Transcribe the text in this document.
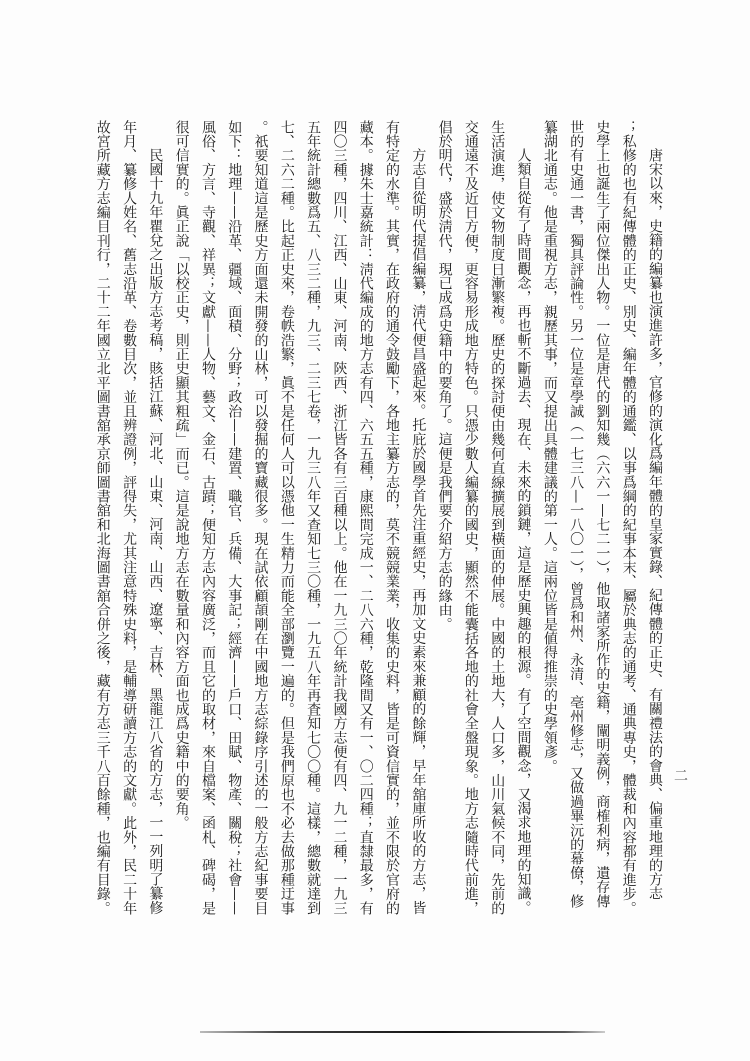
二
唐宋以來，史籍的編纂也演進許多，官修的演化爲編年體的皇家實錄、紀傳體的正史、有關禮法的會典、偏重地理的方志
；私修的也有紀傳體的正史、別史、編年體的通鑑、以事爲綱的紀事本末、屬於典志的通考、通典專史，體裁和內容都有進步。
史學上也誕生了兩位傑出人物。一位是唐代的劉知幾（六六一—七二一），他取諸家所作的史籍，闡明義例，商榷利病，遺存傳
世的有史通一書，獨具評論性。另一位是章學誠（一七三八—一八〇一），曾爲和州、永清、亳州修志，又做過畢沅的幕僚，修
纂湖北通志。他是重視方志，親歷其事，而又提出具體建議的第一人。這兩位皆是値得推崇的史學領彥。
人類自從有了時間觀念，再也斬不斷過去、現在、未來的鎖鏈，這是歷史興趣的根源。有了空間觀念，又渴求地理的知識。
生活演進，使文物制度日漸繁複。歷史的探討便由幾何直線擴展到橫面的伸展。中國的土地大，人口多，山川氣候不同，先前的
交通遠不及近日方便，更容易形成地方特色。只憑少數人編纂的國史，顯然不能囊括各地的社會全盤現象。地方志隨時代前進，
倡於明代，盛於淸代，現已成爲史籍中的要角了。這便是我們要介紹方志的緣由。
方志自從明代提倡編纂，淸代便昌盛起來。托庇於國學首先注重經史，再加文史素來兼顧的餘輝，早年舘庫所收的方志，皆
有特定的水準。其實，在政府的通令鼓勵下，各地主纂方志的，莫不競競業業，收集的史料，皆是可資信實的，並不限於官府的
藏本。據朱士嘉統計：淸代編成的地方志有四、六五五種，康熙間完成一、二八六種，乾隆間又有一、〇二四種；直隸最多，有
四〇三種，四川、江西、山東、河南、陝西、浙江皆各有三百種以上。他在一九三〇年統計我國方志便有四、九一二種，一九三
五年統計總數爲五、八三二種，九三、二三七卷，一九三八年又查知七三〇種，一九五八年再査知七〇〇種。這樣，總數就達到
七、二六二種。比起正史來，卷帙浩繁，眞不是任何人可以憑他一生精力而能全部瀏覽一遍的。但是我們原也不必去做那種迂事
。祇要知道這是歷史方面還未開發的山林，可以發掘的寶藏很多。現在試依顧頡剛在中國地方志綜錄序引述的一般方志紀事要目
如下：地理——沿革、疆域、面積、分野；政治——建置、職官、兵備、大事記；經濟——戶口、田賦、物產、關稅；社會——
風俗、方言、寺觀、祥異；文獻——人物、藝文、金石、古蹟；便知方志內容廣泛，而且它的取材，來自檔案、函札、碑碣，是
很可信實的。眞正說「以校正史，則正史顯其粗疏」而已。這是說地方志在數量和內容方面也成爲史籍中的要角。
民國十九年瞿兌之出版方志考稿，賅括江蘇、河北、山東、河南、山西、遼寧、吉林、黑龍江八省的方志，一一列明了纂修
年月、纂修人姓名、舊志沿革、卷數目次，並且辨證例，評得失，尤其注意特殊史料，是輔導研讀方志的文獻。此外，民二十年
故宮所藏方志編目刊行，二十二年國立北平圖書舘承京師圖書舘和北海圖書舘合併之後，藏有方志三千八百餘種，也編有目錄。
